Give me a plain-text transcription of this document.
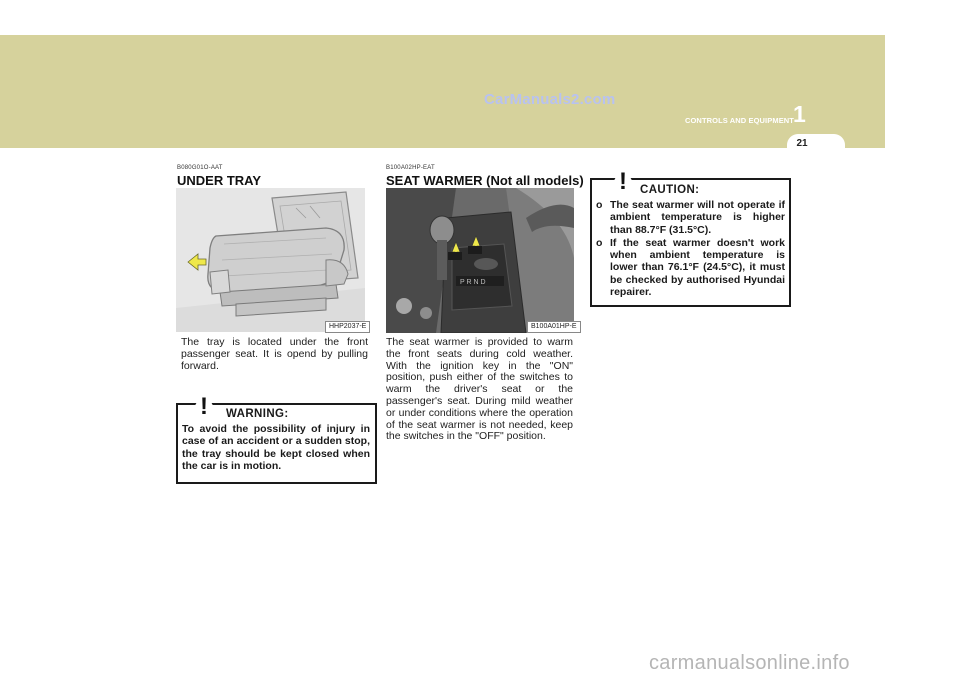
CarManuals2.com
CONTROLS AND EQUIPMENT 1
21
B080G01O-AAT
UNDER TRAY
HHP2037-E
The tray is located under the front passenger seat. It is opend by pulling forward.
! WARNING:
To avoid the possibility of injury in case of an accident or a sudden stop, the tray should be kept closed when the car is in motion.
B100A02HP-EAT
SEAT WARMER (Not all models)
P R N D
B100A01HP-E
The seat warmer is provided to warm the front seats during cold weather. With the ignition key in the "ON" position, push either of the switches to warm the driver's seat or the passenger's seat. During mild weather or under conditions where the operation of the seat warmer is not needed, keep the switches in the "OFF" position.
! CAUTION:
o The seat warmer will not operate if ambient temperature is higher than 88.7°F (31.5°C).
o If the seat warmer doesn't work when ambient temperature is lower than 76.1°F (24.5°C), it must be checked by authorised Hyundai repairer.
carmanualsonline.info
